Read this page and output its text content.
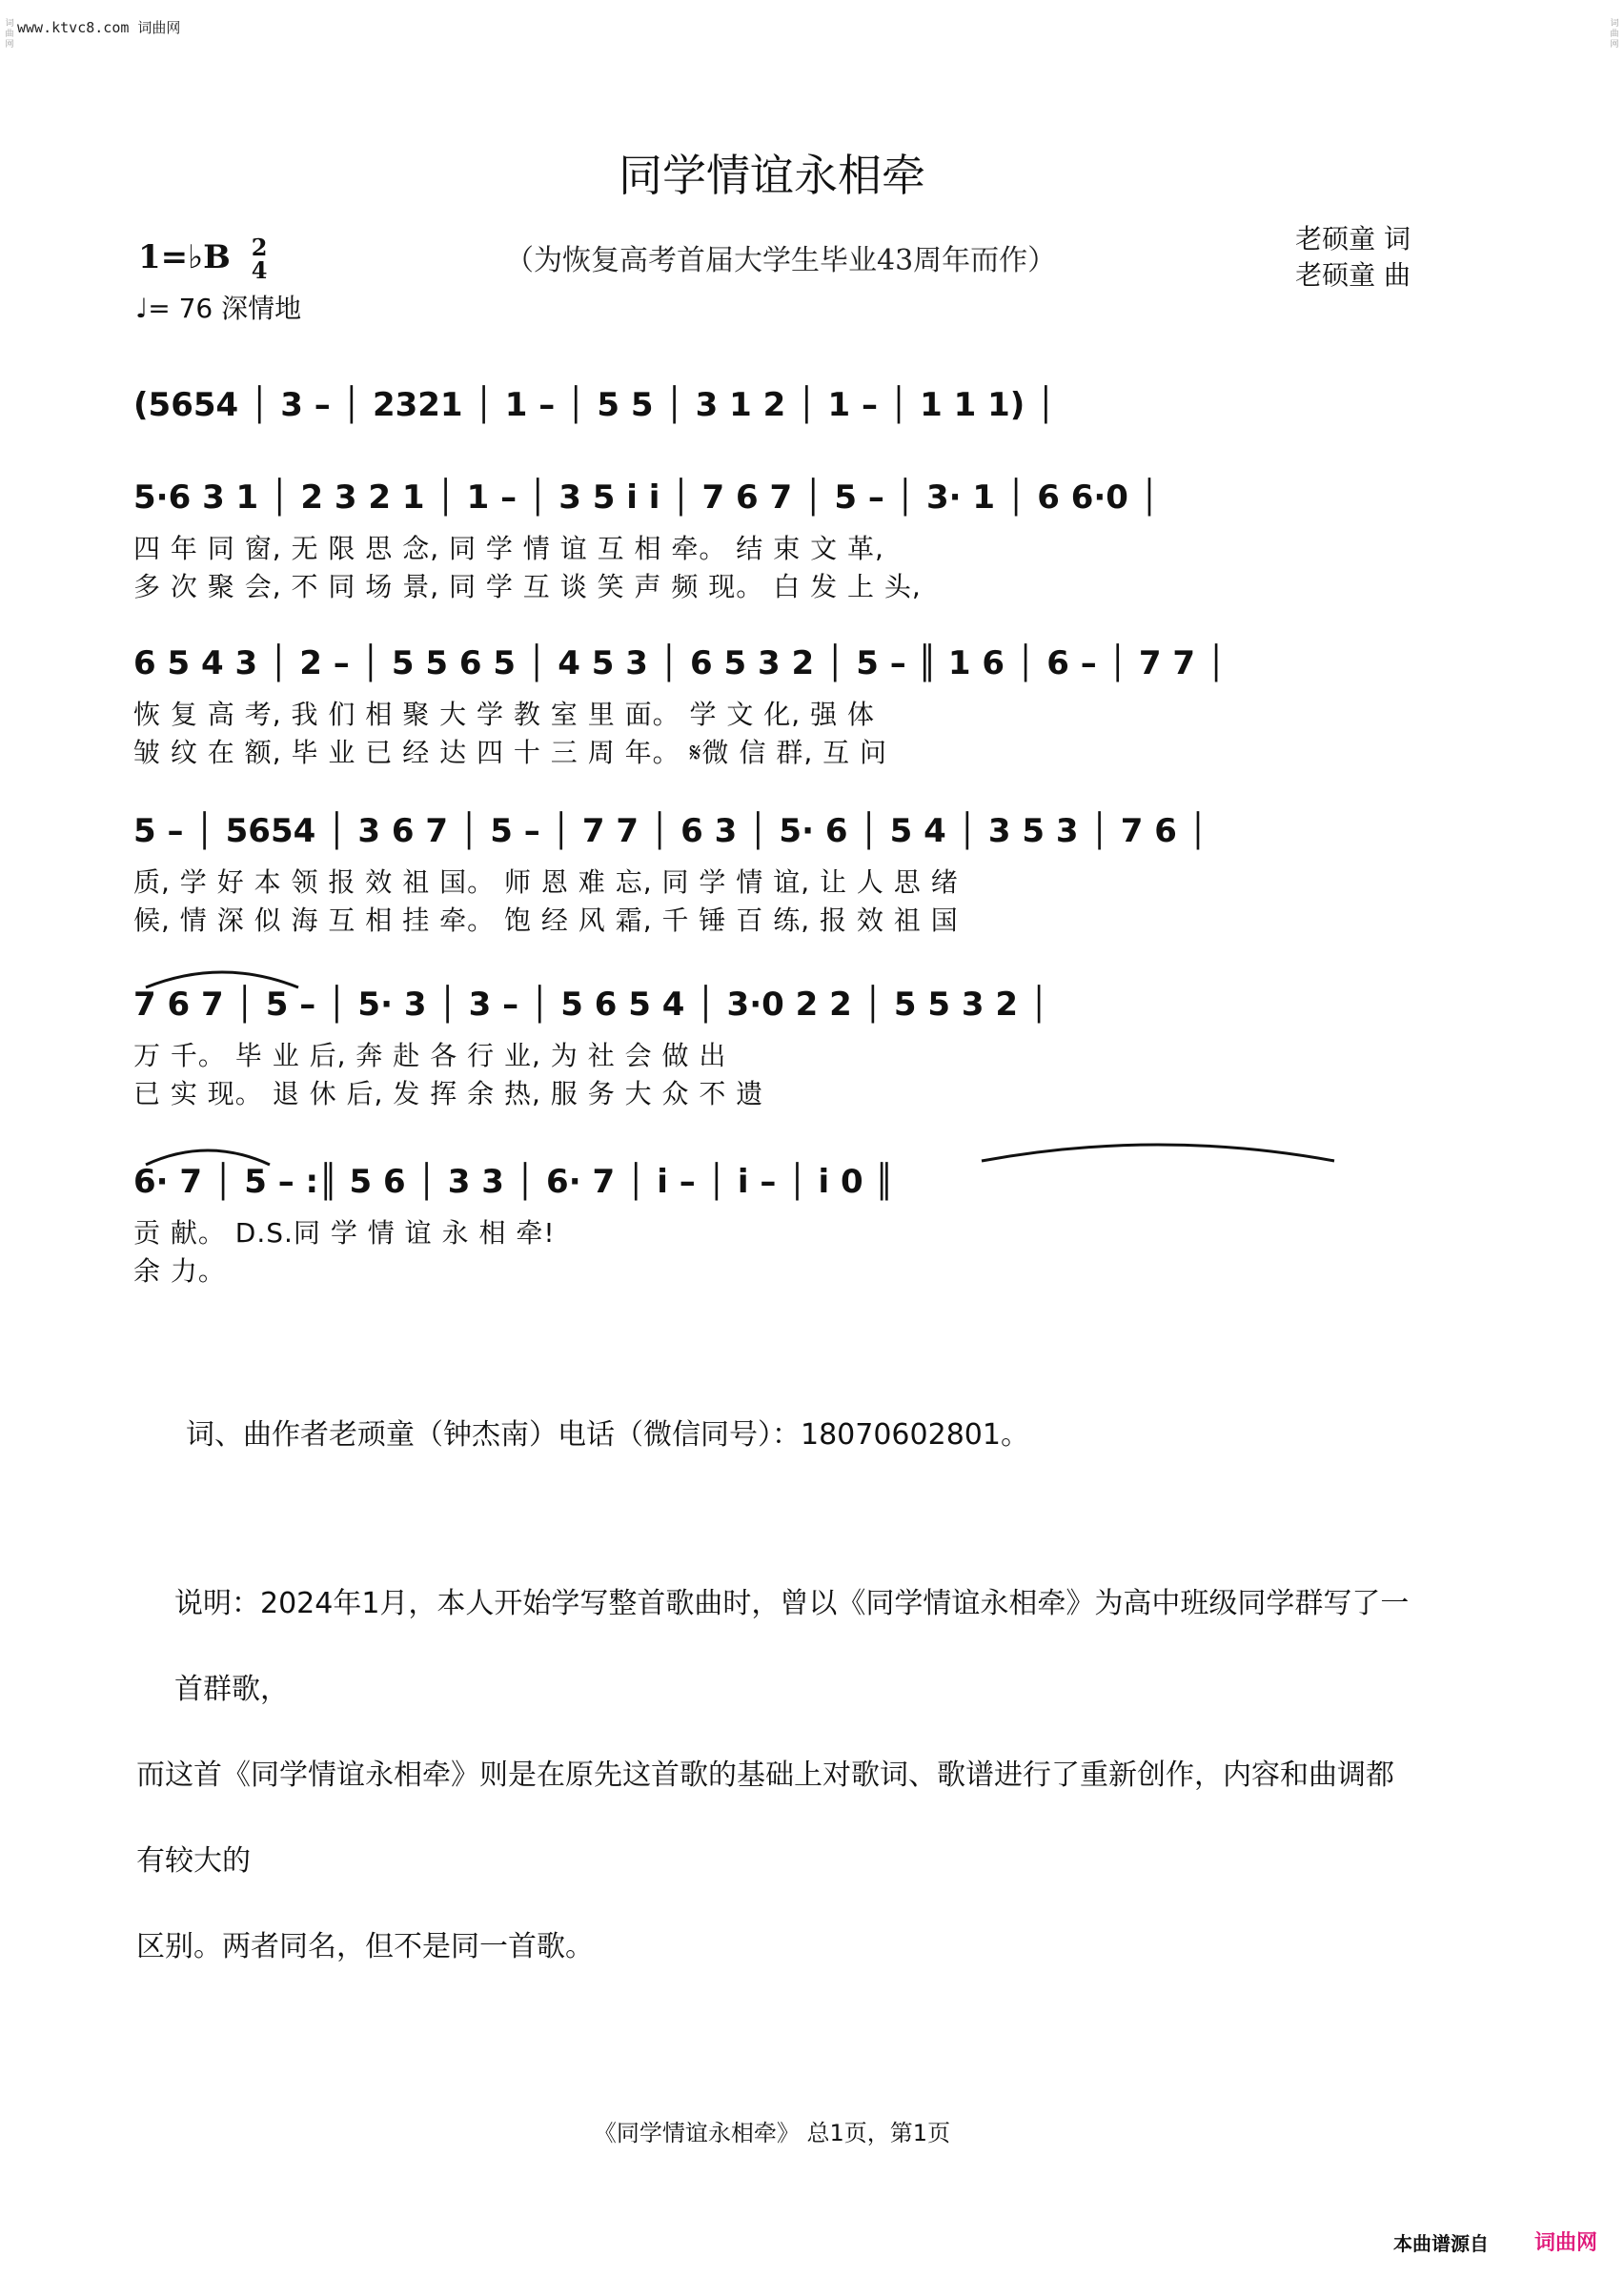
www.ktvc8.com 词曲网
词
曲
网
词
曲
网
同学情谊永相牵
1=♭B 2
4
♩= 76 深情地
（为恢复高考首届大学生毕业43周年而作）
老硕童 词
老硕童 曲
(5654 │ 3 – │ 2321 │ 1 – │ 5 5 │ 3 1 2 │ 1 – │ 1 1 1) │
5·6 3 1 │ 2 3 2 1 │ 1 – │ 3 5 i i │ 7 6 7 │ 5 – │ 3· 1 │ 6 6·0 │
四 年 同 窗, 无 限 思 念, 同 学 情 谊 互 相 牵。 结 束 文 革,
多 次 聚 会, 不 同 场 景, 同 学 互 谈 笑 声 频 现。 白 发 上 头,
6 5 4 3 │ 2 – │ 5 5 6 5 │ 4 5 3 │ 6 5 3 2 │ 5 – ║ 1 6 │ 6 – │ 7 7 │
恢 复 高 考, 我 们 相 聚 大 学 教 室 里 面。 学 文 化, 强 体
皱 纹 在 额, 毕 业 已 经 达 四 十 三 周 年。 𝄋微 信 群, 互 问
5 – │ 5654 │ 3 6 7 │ 5 – │ 7 7 │ 6 3 │ 5· 6 │ 5 4 │ 3 5 3 │ 7 6 │
质, 学 好 本 领 报 效 祖 国。 师 恩 难 忘, 同 学 情 谊, 让 人 思 绪
候, 情 深 似 海 互 相 挂 牵。 饱 经 风 霜, 千 锤 百 练, 报 效 祖 国
7 6 7 │ 5 – │ 5· 3 │ 3 – │ 5 6 5 4 │ 3·0 2 2 │ 5 5 3 2 │
万 千。 毕 业 后, 奔 赴 各 行 业, 为 社 会 做 出
已 实 现。 退 休 后, 发 挥 余 热, 服 务 大 众 不 遗
6· 7 │ 5 – :║ 5 6 │ 3 3 │ 6· 7 │ i – │ i – │ i 0 ║
贡 献。 D.S.同 学 情 谊 永 相 牵!
余 力。
词、曲作者老顽童（钟杰南）电话（微信同号）：18070602801。
说明：2024年1月，本人开始学写整首歌曲时，曾以《同学情谊永相牵》为高中班级同学群写了一首群歌，
而这首《同学情谊永相牵》则是在原先这首歌的基础上对歌词、歌谱进行了重新创作，内容和曲调都有较大的
区别。两者同名，但不是同一首歌。
《同学情谊永相牵》 总1页，第1页
本曲谱源自 词曲网
